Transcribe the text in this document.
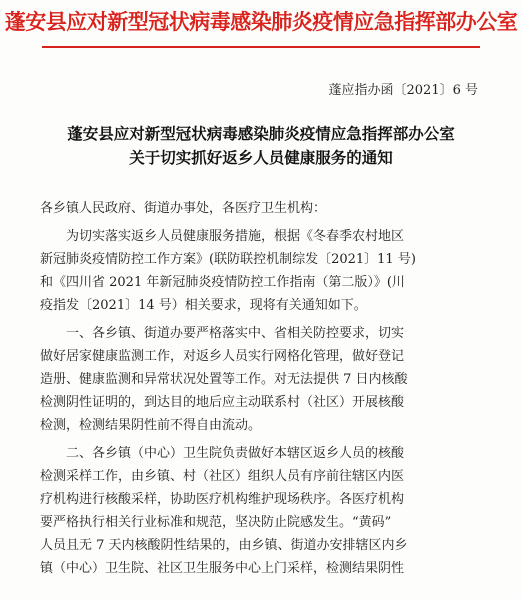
蓬安县应对新型冠状病毒感染肺炎疫情应急指挥部办公室
蓬应指办函〔2021〕6 号
蓬安县应对新型冠状病毒感染肺炎疫情应急指挥部办公室
关于切实抓好返乡人员健康服务的通知
各乡镇人民政府、街道办事处，各医疗卫生机构：
为切实落实返乡人员健康服务措施，根据《冬春季农村地区
新冠肺炎疫情防控工作方案》(联防联控机制综发〔2021〕11 号)
和《四川省 2021 年新冠肺炎疫情防控工作指南（第二版）》(川
疫指发〔2021〕14 号）相关要求，现将有关通知如下。
一、各乡镇、街道办要严格落实中、省相关防控要求，切实
做好居家健康监测工作，对返乡人员实行网格化管理，做好登记
造册、健康监测和异常状况处置等工作。对无法提供 7 日内核酸
检测阴性证明的，到达目的地后应主动联系村（社区）开展核酸
检测，检测结果阴性前不得自由流动。
二、各乡镇（中心）卫生院负责做好本辖区返乡人员的核酸
检测采样工作，由乡镇、村（社区）组织人员有序前往辖区内医
疗机构进行核酸采样，协助医疗机构维护现场秩序。各医疗机构
要严格执行相关行业标准和规范，坚决防止院感发生。“黄码”
人员且无 7 天内核酸阴性结果的，由乡镇、街道办安排辖区内乡
镇（中心）卫生院、社区卫生服务中心上门采样，检测结果阴性
